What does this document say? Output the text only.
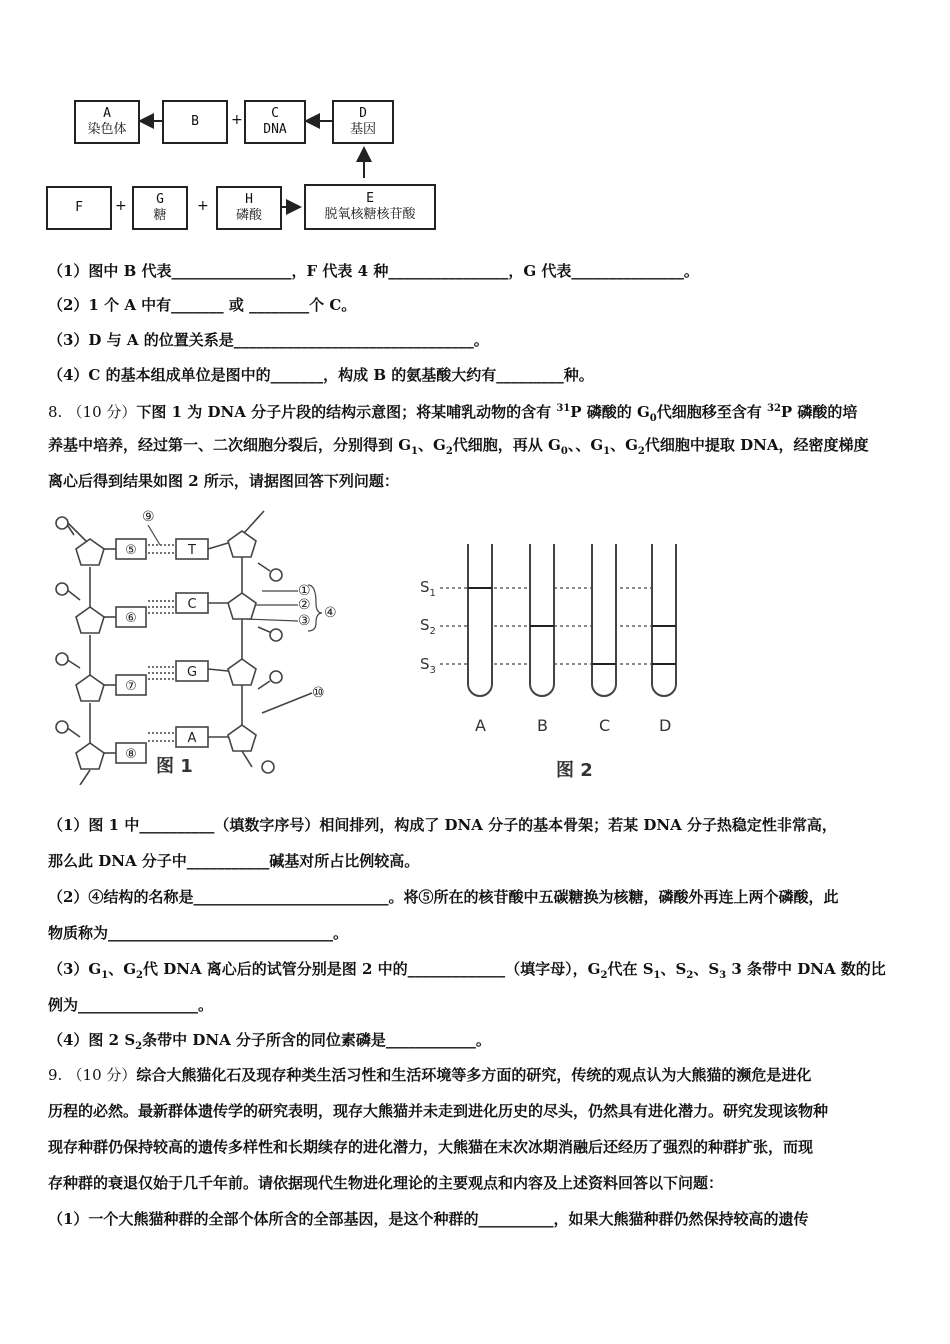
A
染色体
B + C
DNA
D
基因
F + G
糖
+	H
磷酸
E
脱氧核糖核苷酸
（1）图中 B 代表________________，F 代表 4 种________________，G 代表_______________。
（2）1 个 A 中有_______ 或 ________个 C。
（3）D 与 A 的位置关系是________________________________。
（4）C 的基本组成单位是图中的_______，构成 B 的氨基酸大约有_________种。
8. （10 分）下图 1 为 DNA 分子片段的结构示意图；将某哺乳动物的含有 $^{31}$P 磷酸的 $G_0$代细胞移至含有 $^{32}$P 磷酸的培
养基中培养，经过第一、二次细胞分裂后，分别得到 $G_1$、$G_2$代细胞，再从 $G_0$、、$G_1$、$G_2$代细胞中提取 DNA，经密度梯度
离心后得到结果如图 2 所示，请据图回答下列问题：
⑤
⑥
⑦
⑧
T
C
G
A
⑨
①
②
③ ④
⑩
图 1
$S_1$
$S_2$
$S_3$
A	B	C	D
图 2
（1）图 1 中__________（填数字序号）相间排列，构成了 DNA 分子的基本骨架；若某 DNA 分子热稳定性非常高，
那么此 DNA 分子中___________碱基对所占比例较高。
（2）④结构的名称是__________________________。将⑤所在的核苷酸中五碳糖换为核糖，磷酸外再连上两个磷酸，此
物质称为______________________________。
$(3)G_1$、$G_2$代 DNA 离心后的试管分别是图 2 中的_____________（填字母），$G_2$代在 $S_1$、$S_2$、$S_3$ 3 条带中 DNA 数的比
例为________________。
（4）图 2 $S_2$条带中 DNA 分子所含的同位素磷是____________。
9. （10 分）综合大熊猫化石及现存种类生活习性和生活环境等多方面的研究，传统的观点认为大熊猫的濒危是进化
历程的必然。最新群体遗传学的研究表明，现存大熊猫并未走到进化历史的尽头，仍然具有进化潜力。研究发现该物种
现存种群仍保持较高的遗传多样性和长期续存的进化潜力，大熊猫在末次冰期消融后还经历了强烈的种群扩张，而现
存种群的衰退仅始于几千年前。请依据现代生物进化理论的主要观点和内容及上述资料回答以下问题：
（1）一个大熊猫种群的全部个体所含的全部基因，是这个种群的__________，如果大熊猫种群仍然保持较高的遗传
